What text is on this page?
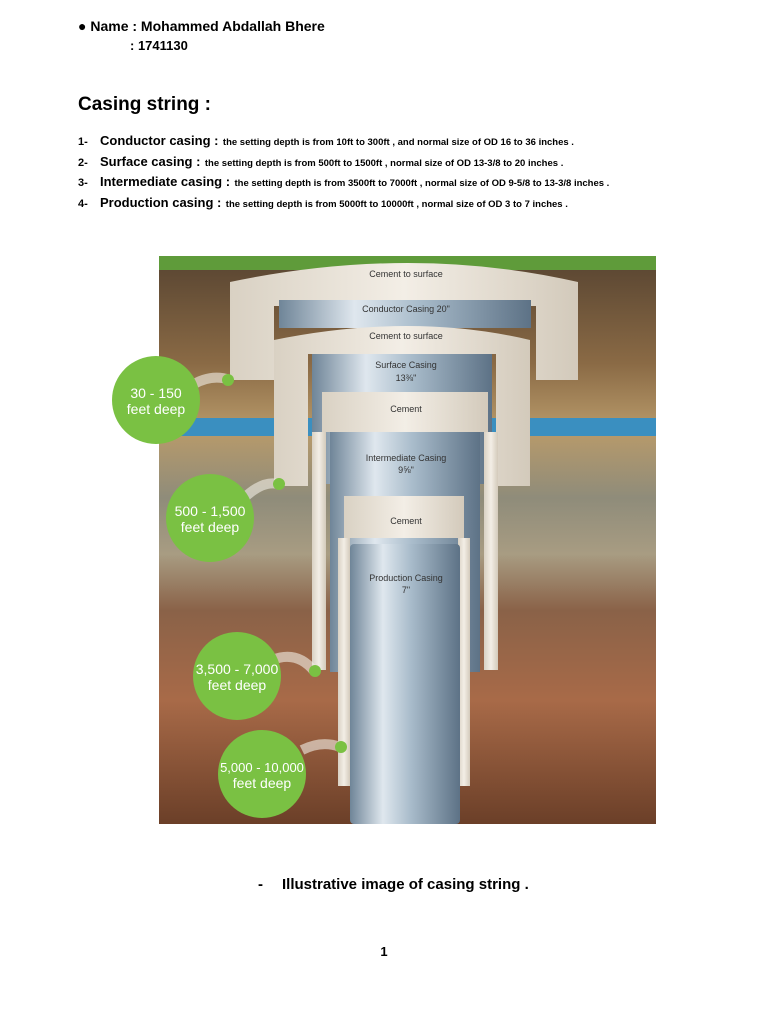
● Name : Mohammed Abdallah Bhere
: 1741130
Casing string :
1- Conductor casing : the setting depth is from 10ft to 300ft , and normal size of OD 16 to 36 inches .
2- Surface casing : the setting depth is from 500ft to 1500ft , normal size of OD 13-3/8 to 20 inches .
3- Intermediate casing : the setting depth is from 3500ft to 7000ft , normal size of OD 9-5/8 to 13-3/8 inches .
4- Production casing : the setting depth is from 5000ft to 10000ft , normal size of OD 3 to 7 inches .
Cement to surface
Conductor Casing 20"
Cement to surface
Surface Casing
13⅜"
Cement
Intermediate Casing
9⅝"
Cement
Production Casing
7"
30 - 150
feet deep
500 - 1,500
feet deep
3,500 - 7,000
feet deep
5,000 - 10,000
feet deep
- Illustrative image of casing string .
1
